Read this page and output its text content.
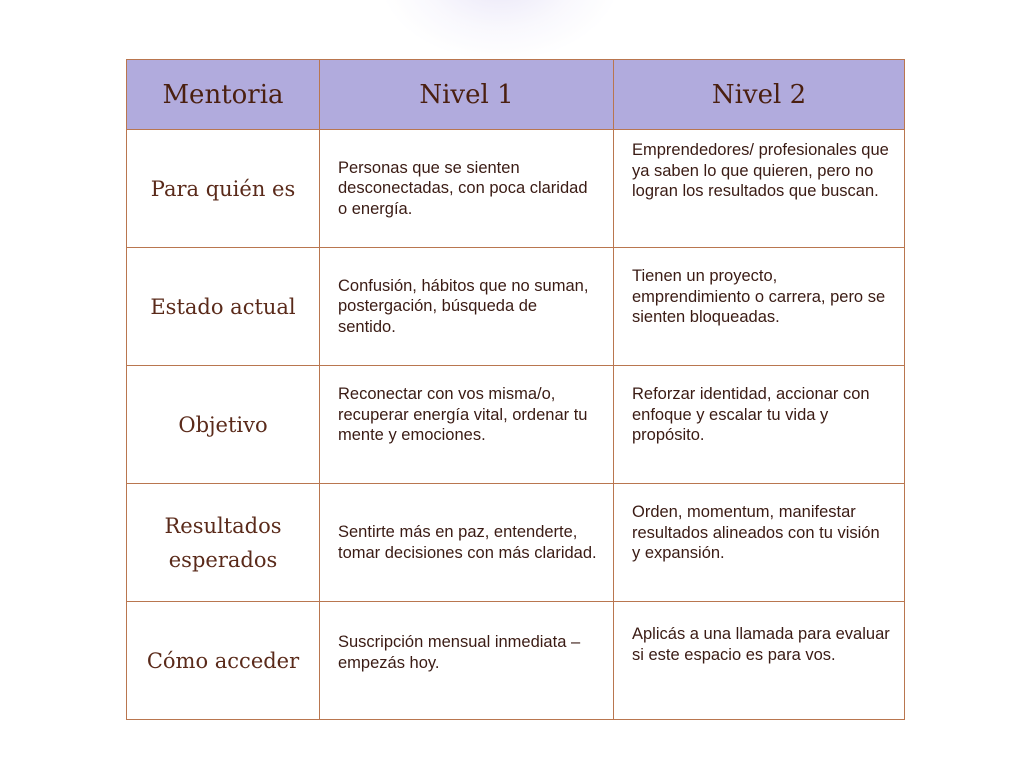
Mentoria	Nivel 1	Nivel 2
Para quién es	Personas que se sienten desconectadas, con poca claridad o energía.	Emprendedores/ profesionales que ya saben lo que quieren, pero no logran los resultados que buscan.
Estado actual	Confusión, hábitos que no suman, postergación, búsqueda de sentido.	Tienen un proyecto, emprendimiento o carrera, pero se sienten bloqueadas.
Objetivo	Reconectar con vos misma/o, recuperar energía vital, ordenar tu mente y emociones.	Reforzar identidad, accionar con enfoque y escalar tu vida y propósito.
Resultados esperados	Sentirte más en paz, entenderte, tomar decisiones con más claridad.	Orden, momentum, manifestar resultados alineados con tu visión y expansión.
Cómo acceder	Suscripción mensual inmediata – empezás hoy.	Aplicás a una llamada para evaluar si este espacio es para vos.
